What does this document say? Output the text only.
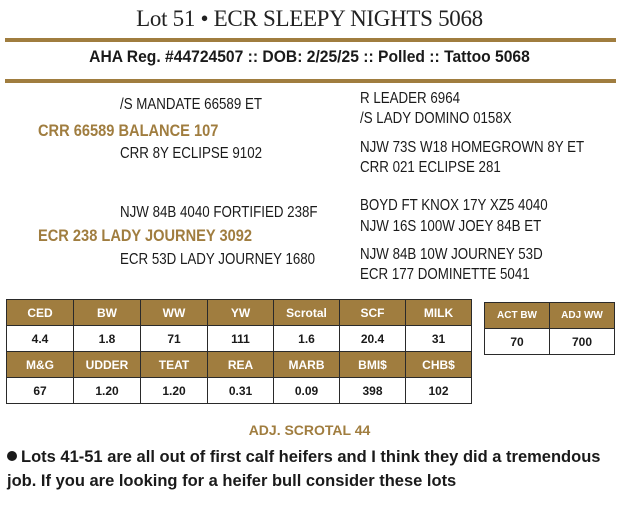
Lot 51 • ECR SLEEPY NIGHTS 5068
AHA Reg. #44724507 :: DOB: 2/25/25 :: Polled :: Tattoo 5068
/S MANDATE 66589 ET	R LEADER 6964
/S LADY DOMINO 0158X
CRR 66589 BALANCE 107
CRR 8Y ECLIPSE 9102	NJW 73S W18 HOMEGROWN 8Y ET
CRR 021 ECLIPSE 281
NJW 84B 4040 FORTIFIED 238F	BOYD FT KNOX 17Y XZ5 4040
NJW 16S 100W JOEY 84B ET
ECR 238 LADY JOURNEY 3092
ECR 53D LADY JOURNEY 1680	NJW 84B 10W JOURNEY 53D
ECR 177 DOMINETTE 5041
CED	BW	WW	YW	Scrotal	SCF	MILK
4.4	1.8	71	111	1.6	20.4	31
M&G	UDDER	TEAT	REA	MARB	BMI$	CHB$
67	1.20	1.20	0.31	0.09	398	102
ACT BW	ADJ WW
70	700
ADJ. SCROTAL 44
Lots 41-51 are all out of first calf heifers and I think they did a tremendous job. If you are looking for a heifer bull consider these lots
